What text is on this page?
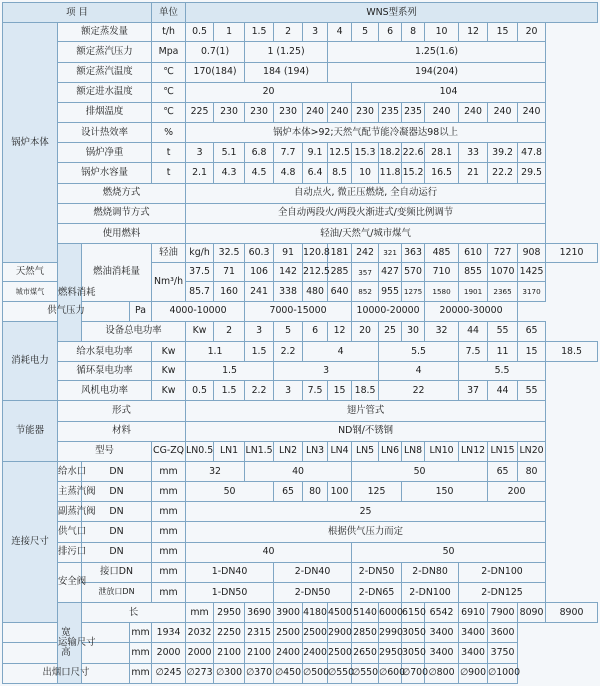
项 目				单位	WNS型系列													
锅炉本体	额定蒸发量			t/h	0.5	1	1.5	2	3	4	5	6	8	10	12	15	20	
	额定蒸汽压力			Mpa	0.7(1)		1 (1.25)			1.25(1.6)								
	额定蒸汽温度			℃	170(184)		184 (194)			194(204)								
	额定进水温度			℃	20						104							
	排烟温度			℃	225	230	230	230	240	240	230	235	235	240	240	240	240	
	设计热效率			%	锅炉本体>92;天然气配节能冷凝器达98以上													
	锅炉净重			t	3	5.1	6.8	7.7	9.1	12.5	15.3	18.2	22.6	28.1	33	39.2	47.8	
	锅炉水容量			t	2.1	4.3	4.5	4.8	6.4	8.5	10	11.8	15.2	16.5	21	22.2	29.5	
	燃烧方式				自动点火, 微正压燃烧, 全自动运行													
	燃烧调节方式				全自动两段火/两段火渐进式/变频比例调节													
	使用燃料				轻油/天然气/城市煤气													
	燃料消耗	燃油消耗量		轻油	kg/h	32.5	60.3	91	120.8	181	242	321	363	485	610	727	908	1210
天然气				Nm³/h	37.5	71	106	142	212.5	285	357	427	570	710	855	1070	1425	
城市煤气					85.7	160	241	338	480	640	852	955	1275	1580	1901	2365	3170	
供气压力			Pa	4000-10000			7000-15000				10000-20000			20000-30000				
消耗电力		设备总电功率			Kw	2	3	5	6	12	20	25	30	32	44	55	65	
	给水泵电功率			Kw	1.1		1.5	2.2	4			5.5			7.5	11	15	18.5
	循环泵电功率			Kw	1.5			3				4			5.5			
	风机电功率			Kw	0.5	1.5	2.2	3	7.5	15	18.5	22			37	44	55	
节能器	形式				翅片管式													
	材料				ND钢/不锈钢													
	型号			CG-ZQ	LN0.5	LN1	LN1.5	LN2	LN3	LN4	LN5	LN6	LN8	LN10	LN12	LN15	LN20	
连接尺寸	给水口	DN		mm	32		40				50					65	80	
	主蒸汽阀	DN		mm	50			65	80	100	125		150			200		
	副蒸汽阀	DN		mm	25													
	供气口	DN		mm	根据供气压力而定													
	排污口	DN		mm	40						50							
	安全阀	接口DN		mm	1-DN40			2-DN40			2-DN50		2-DN80		2-DN100			
		泄放口DN		mm	1-DN50			2-DN50			2-DN65		2-DN100		2-DN125			
	运输尺寸	长			mm	2950	3690	3900	4180	4500	5140	6000	6150	6542	6910	7900	8090	8900
宽			mm	1934	2032	2250	2315	2500	2500	2900	2850	2990	3050	3400	3400	3600		
高			mm	2000	2000	2100	2100	2400	2400	2500	2650	2950	3050	3400	3400	3750		
出烟口尺寸			mm	∅245	∅273	∅300	∅370	∅450	∅500	∅550	∅550	∅600	∅700	∅800	∅900	∅1000		
